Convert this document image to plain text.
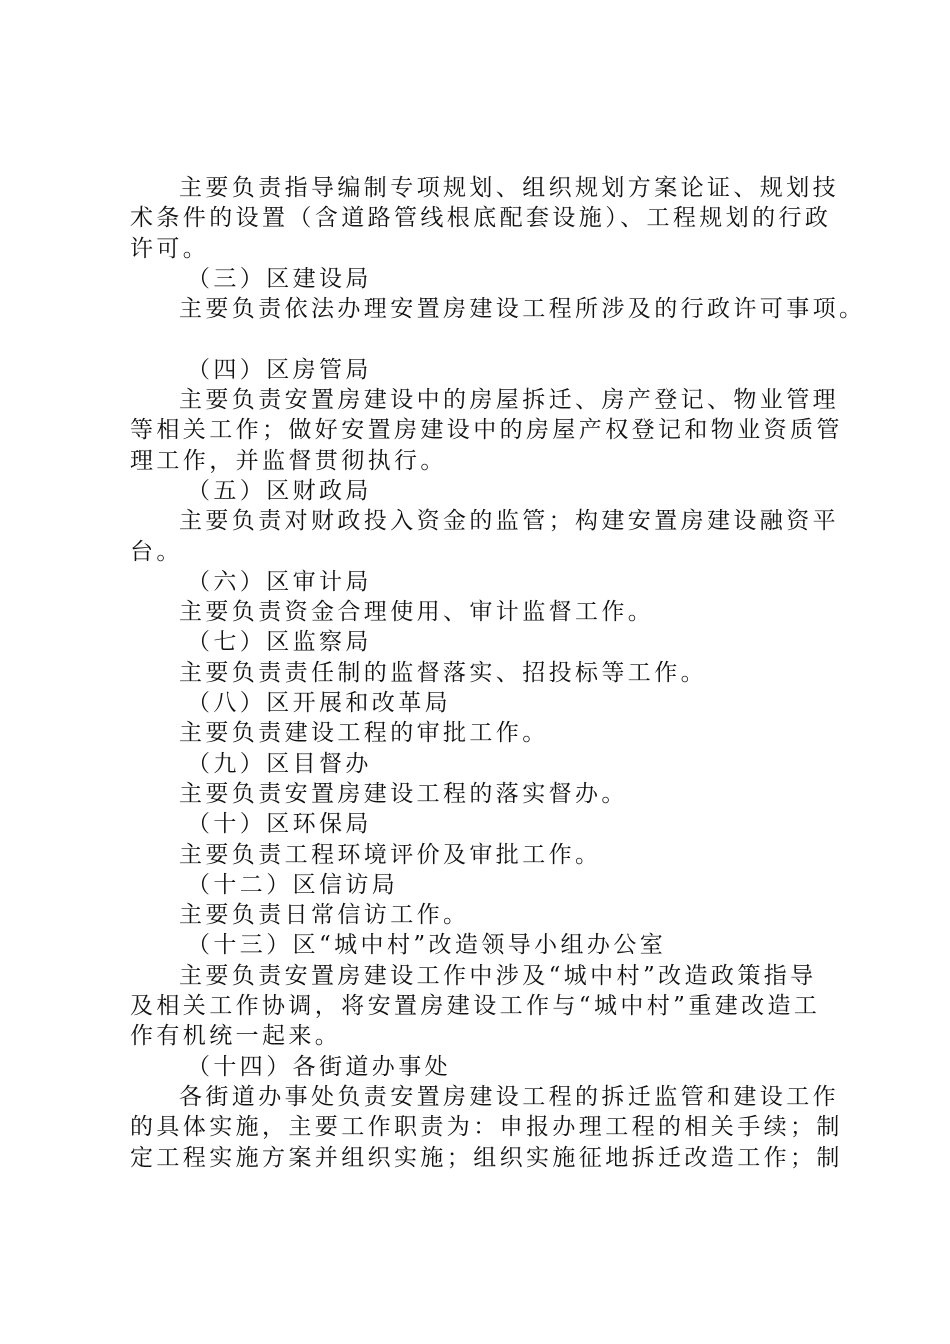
主要负责指导编制专项规划、组织规划方案论证、规划技
术条件的设置（含道路管线根底配套设施）、工程规划的行政
许可。
（三）区建设局
主要负责依法办理安置房建设工程所涉及的行政许可事项。
（四）区房管局
主要负责安置房建设中的房屋拆迁、房产登记、物业管理
等相关工作；做好安置房建设中的房屋产权登记和物业资质管
理工作，并监督贯彻执行。
（五）区财政局
主要负责对财政投入资金的监管；构建安置房建设融资平
台。
（六）区审计局
主要负责资金合理使用、审计监督工作。
（七）区监察局
主要负责责任制的监督落实、招投标等工作。
（八）区开展和改革局
主要负责建设工程的审批工作。
（九）区目督办
主要负责安置房建设工程的落实督办。
（十）区环保局
主要负责工程环境评价及审批工作。
（十二）区信访局
主要负责日常信访工作。
（十三）区“城中村”改造领导小组办公室
主要负责安置房建设工作中涉及“城中村”改造政策指导
及相关工作协调，将安置房建设工作与“城中村”重建改造工
作有机统一起来。
（十四）各街道办事处
各街道办事处负责安置房建设工程的拆迁监管和建设工作
的具体实施，主要工作职责为：申报办理工程的相关手续；制
定工程实施方案并组织实施；组织实施征地拆迁改造工作；制
